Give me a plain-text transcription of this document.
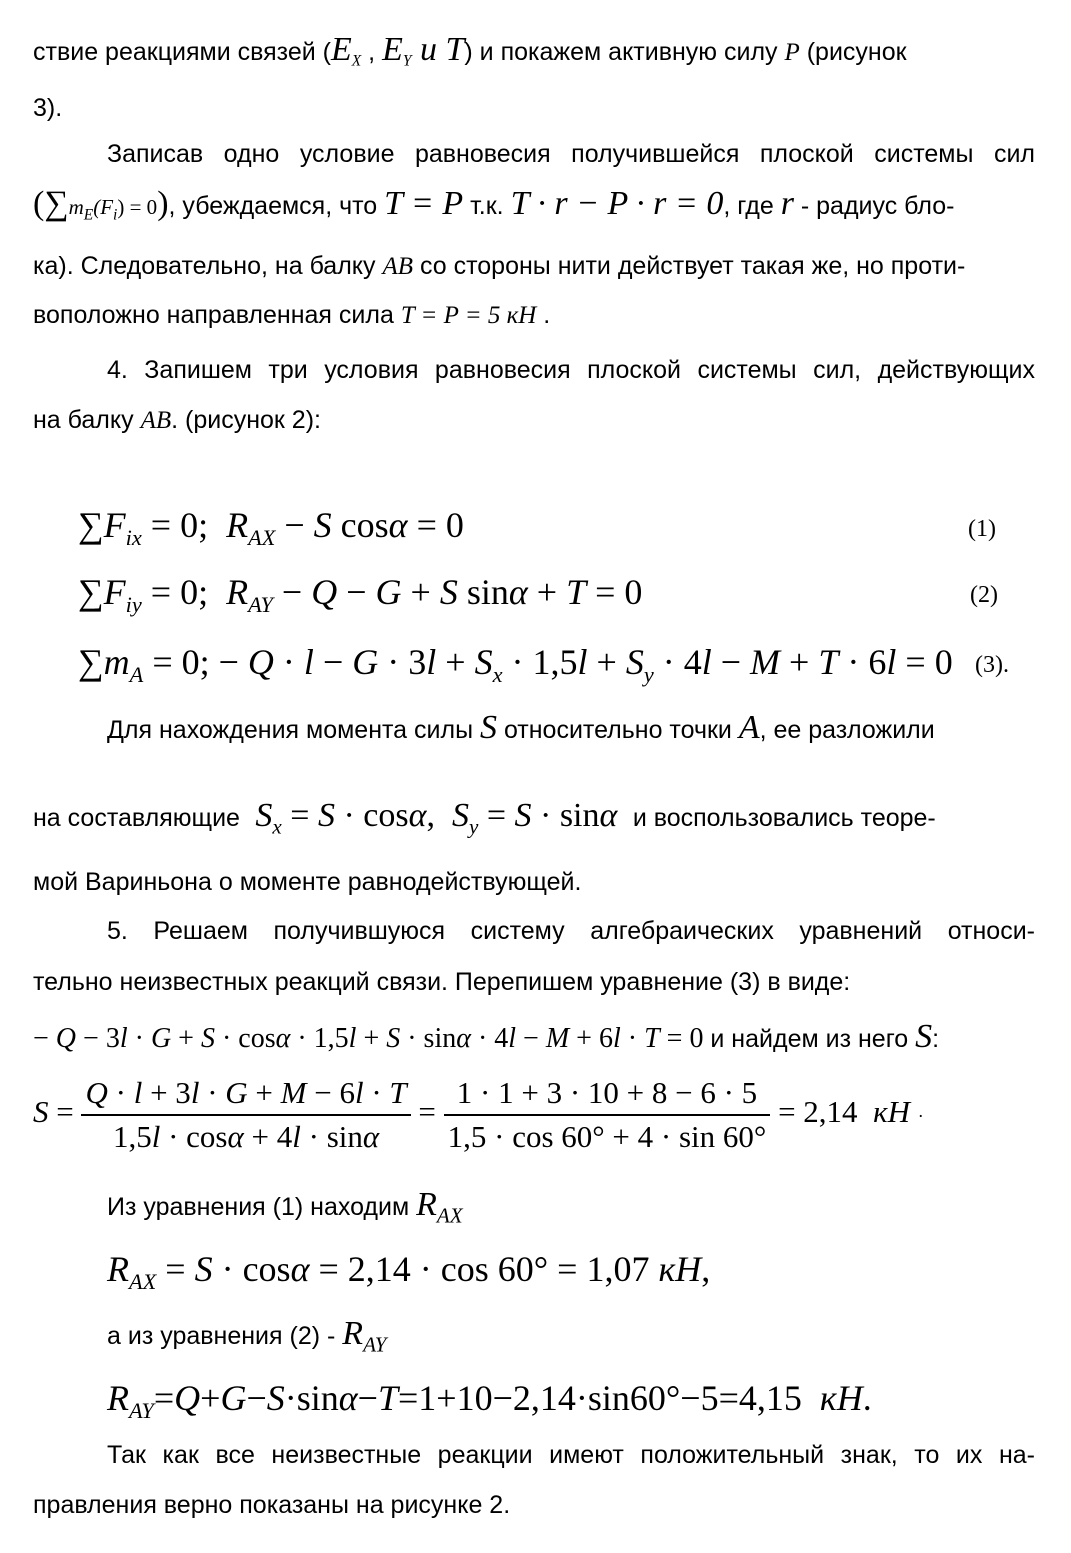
ствие реакциями связей ($E_X$ , $E_Y$ и T) и покажем активную силу P (рисунок
3).
Записав одно условие равновесия получившейся плоской системы сил
$(\sum m_E(F_i) = 0)$, убеждаемся, что T = P т.к. T · r − P · r = 0, где r - радиус бло-
ка). Следовательно, на балку AB со стороны нити действует такая же, но проти-
воположно направленная сила T = P = 5 кН .
4. Запишем три условия равновесия плоской системы сил, действующих
на балку AB. (рисунок 2):
$\sum F_{ix} = 0$;  $R_{AX} - S$ cosα = 0	(1)
$\sum F_{iy} = 0$;  $R_{AY} - Q - G + S$ sinα + T = 0	(2)
$\sum m_A = 0$; − $Q \cdot l - G \cdot 3l + S_x \cdot 1,5l + S_y \cdot 4l - M + T \cdot 6l = 0$ (3).
Для нахождения момента силы S относительно точки A, ее разложили
на составляющие  $S_x = S \cdot \cos\alpha$,  $S_y = S \cdot \sin\alpha$ и воспользовались теоре-
мой Вариньона о моменте равнодействующей.
5. Решаем получившуюся систему алгебраических уравнений относи-
тельно неизвестных реакций связи. Перепишем уравнение (3) в виде:
− Q − 3l · G + S · cosα · 1,5l + S · sinα · 4l − M + 6l · T = 0 и найдем из него S:
$S = \frac{Q \cdot l + 3l \cdot G + M - 6l \cdot T}{1,5l \cdot \cos\alpha + 4l \cdot \sin\alpha} = \frac{1 \cdot 1 + 3 \cdot 10 + 8 - 6 \cdot 5}{1,5 \cdot \cos 60^\circ + 4 \cdot \sin 60^\circ} = 2,14$  кН ·
Из уравнения (1) находим $R_{AX}$
$R_{AX} = S \cdot \cos\alpha = 2,14 \cdot \cos 60^\circ = 1,07$ кН,
а из уравнения $(2) - R_{AY}$
$R_{AY}=Q+G-S\cdot\sin\alpha-T=1+10-2,14\cdot\sin 60^\circ-5=4,15$  кН.
Так как все неизвестные реакции имеют положительный знак, то их на-
правления верно показаны на рисунке 2.
